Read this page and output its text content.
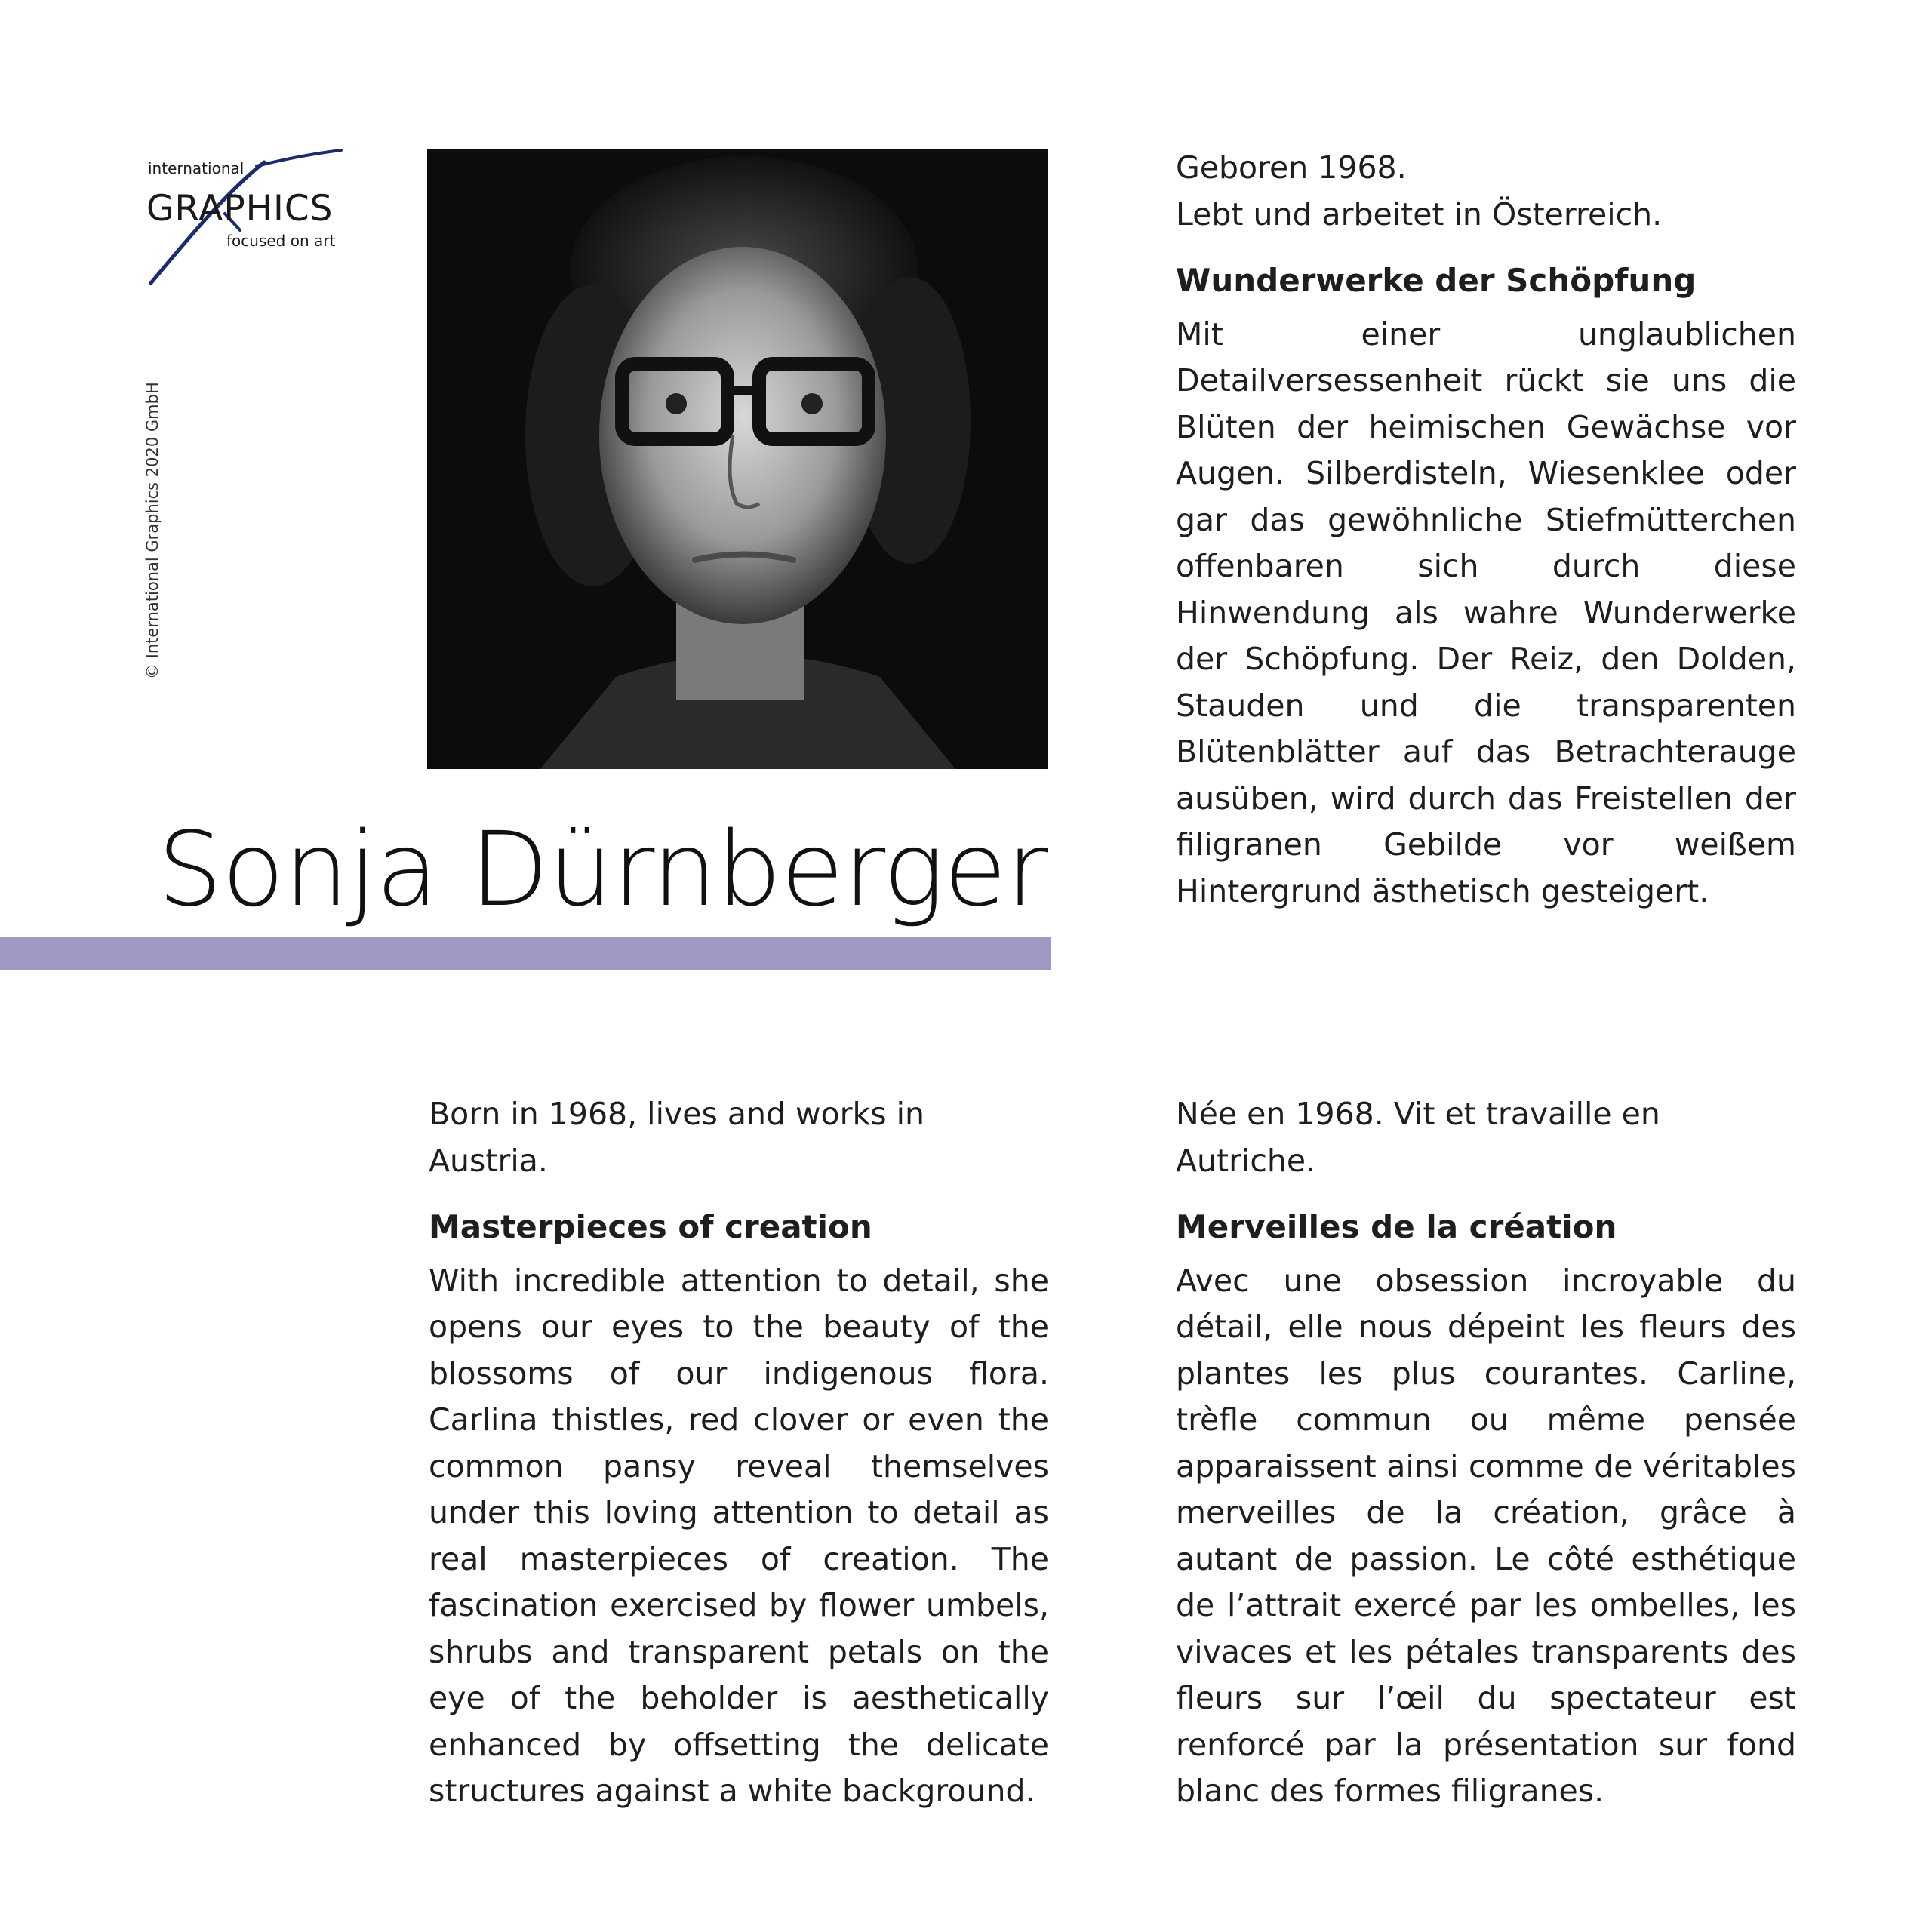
international
GRAPHICS
focused on art
© International Graphics 2020 GmbH
Sonja Dürnberger

Geboren 1968.
Lebt und arbeitet in Österreich.

Wunderwerke der Schöpfung

Mit einer unglaublichen Detailversessenheit rückt sie uns die Blüten der heimischen Gewächse vor Augen. Silberdisteln, Wiesenklee oder gar das gewöhnliche Stiefmütterchen offenbaren sich durch diese Hinwendung als wahre Wunderwerke der Schöpfung. Der Reiz, den Dolden, Stauden und die transparenten Blütenblätter auf das Betrachterauge ausüben, wird durch das Freistellen der filigranen Gebilde vor weißem Hintergrund ästhetisch gesteigert.

Born in 1968, lives and works in Austria.

Masterpieces of creation

With incredible attention to detail, she opens our eyes to the beauty of the blossoms of our indigenous flora. Carlina thistles, red clover or even the common pansy reveal themselves under this loving attention to detail as real masterpieces of creation. The fascination exercised by flower umbels, shrubs and transparent petals on the eye of the beholder is aesthetically enhanced by offsetting the delicate structures against a white background.

Née en 1968. Vit et travaille en Autriche.

Merveilles de la création

Avec une obsession incroyable du détail, elle nous dépeint les fleurs des plantes les plus courantes. Carline, trèfle commun ou même pensée apparaissent ainsi comme de véritables merveilles de la création, grâce à autant de passion. Le côté esthétique de l’attrait exercé par les ombelles, les vivaces et les pétales transparents des fleurs sur l’œil du spectateur est renforcé par la présentation sur fond blanc des formes filigranes.
